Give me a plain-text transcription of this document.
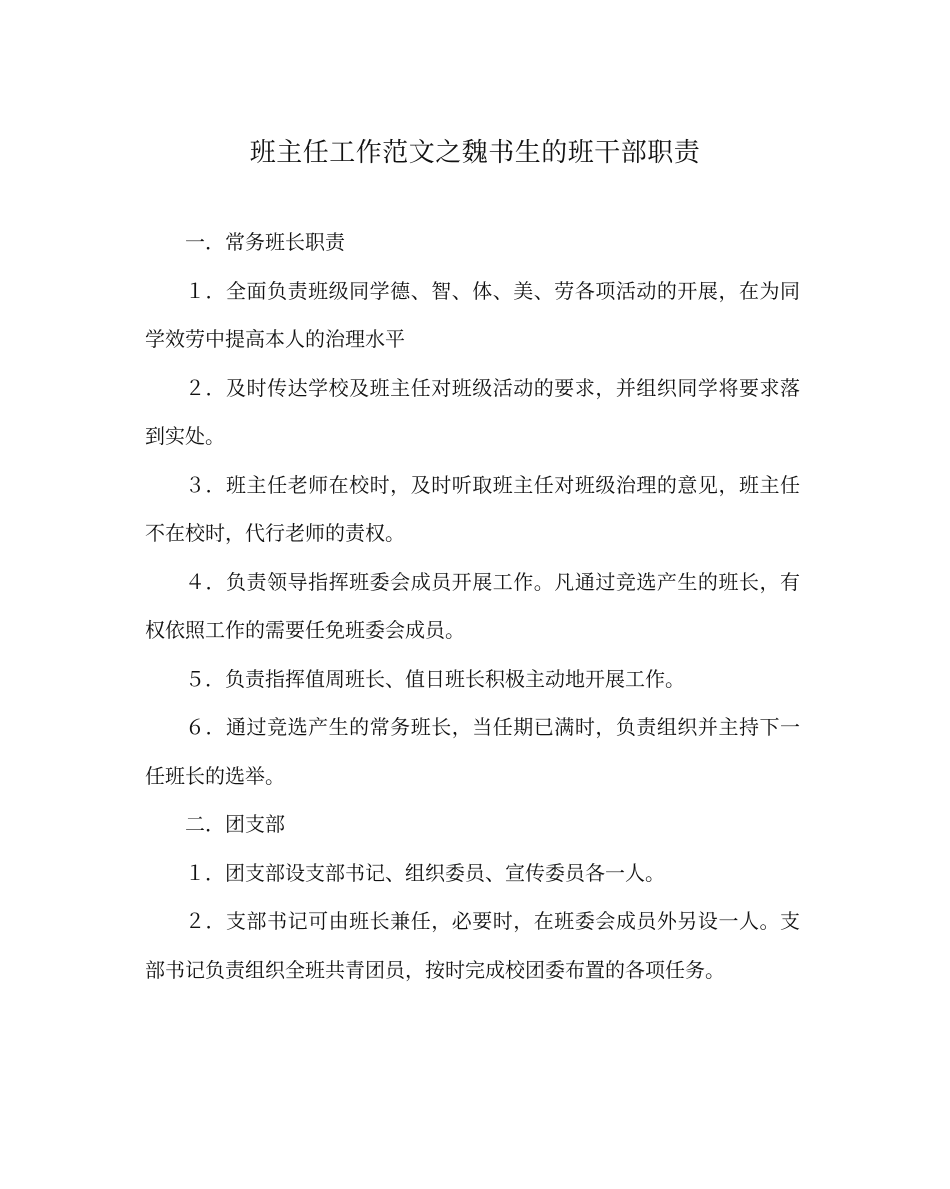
班主任工作范文之魏书生的班干部职责

一．常务班长职责

１．全面负责班级同学德、智、体、美、劳各项活动的开展，在为同学效劳中提高本人的治理水平

２．及时传达学校及班主任对班级活动的要求，并组织同学将要求落到实处。

３．班主任老师在校时，及时听取班主任对班级治理的意见，班主任不在校时，代行老师的责权。

４．负责领导指挥班委会成员开展工作。凡通过竞选产生的班长，有权依照工作的需要任免班委会成员。

５．负责指挥值周班长、值日班长积极主动地开展工作。

６．通过竞选产生的常务班长，当任期已满时，负责组织并主持下一任班长的选举。

二．团支部

１．团支部设支部书记、组织委员、宣传委员各一人。

２．支部书记可由班长兼任，必要时，在班委会成员外另设一人。支部书记负责组织全班共青团员，按时完成校团委布置的各项任务。
